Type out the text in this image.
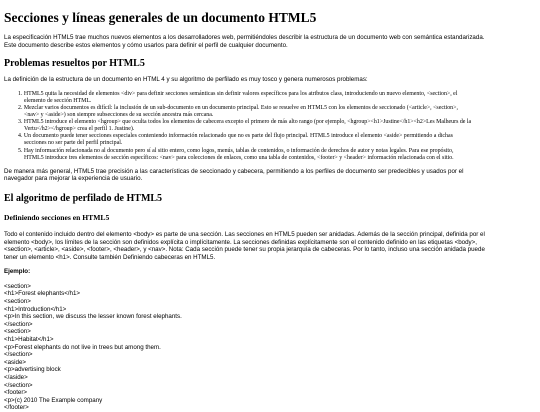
Secciones y líneas generales de un documento HTML5

La especificación HTML5 trae muchos nuevos elementos a los desarrolladores web, permitiéndoles describir la estructura de un documento web con semántica estandarizada.

Este documento describe estos elementos y cómo usarlos para definir el perfil de cualquier documento.

Problemas resueltos por HTML5

La definición de la estructura de un documento en HTML 4 y su algoritmo de perfilado es muy tosco y genera numerosos problemas:

1. HTML5 quita la necesidad de elementos <div> para definir secciones semánticas sin definir valores específicos para los atributos class, introduciendo un nuevo elemento, <section>, el
elemento de sección HTML.
2. Mezclar varios documentos es difícil: la inclusión de un sub-documento en un documento principal. Esto se resuelve en HTML5 con los elementos de seccionado (<article>, <section>,
<nav> y <aside>) son siempre subsecciones de su sección ancestra más cercana.
3. HTML5 introduce el elemento <hgroup> que oculta todos los elementos de cabecera excepto el primero de más alto rango (por ejemplo, <hgroup><h1>Justine</h1><h2>Les Malheurs de la
Vertu</h2></hgroup> crea el perfil 1. Justine).
4. Un documento puede tener secciones especiales conteniendo información relacionado que no es parte del flujo principal. HTML5 introduce el elemento <aside> permitiendo a dichas
secciones no ser parte del perfil principal.
5. Hay información relacionada no al documento pero sí al sitio entero, como logos, menús, tablas de contenidos, o información de derechos de autor y notas legales. Para ese propósito,
HTML5 introduce tres elementos de sección específicos: <nav> para colecciones de enlaces, como una tabla de contenidos, <footer> y <header> información relacionada con el sitio.

De manera más general, HTML5 trae precisión a las características de seccionado y cabecera, permitiendo a los perfiles de documento ser predecibles y usados por el

navegador para mejorar la experiencia de usuario.

El algoritmo de perfilado de HTML5
Definiendo secciones en HTML5

Todo el contenido incluido dentro del elemento <body> es parte de una sección. Las secciones en HTML5 pueden ser anidadas. Además de la sección principal, definida por el

elemento <body>, los límites de la sección son definidos explícita o implícitamente. La secciones definidas explícitamente son el contenido definido en las etiquetas <body>,

<section>, <article>, <aside>, <footer>, <header>, y <nav>. Nota: Cada sección puede tener su propia jerarquía de cabeceras. Por lo tanto, incluso una sección anidada puede

tener un elemento <h1>. Consulte también Definiendo cabeceras en HTML5.

Ejemplo:

<section>
<h1>Forest elephants</h1>
<section>
<h1>Introduction</h1>
<p>In this section, we discuss the lesser known forest elephants.
</section>
<section>
<h1>Habitat</h1>
<p>Forest elephants do not live in trees but among them.
</section>
<aside>
<p>advertising block
</aside>
</section>
<footer>
<p>(c) 2010 The Example company
</footer>
